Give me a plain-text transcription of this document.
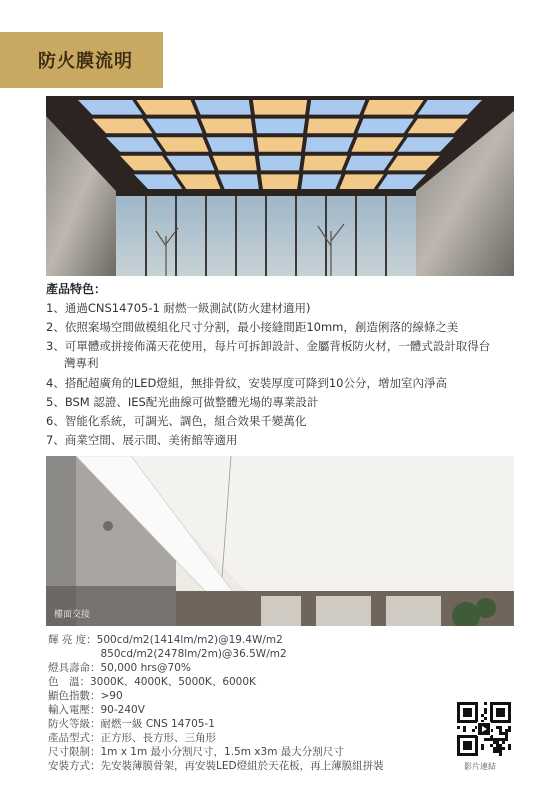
防火膜流明
產品特色：
1、通過CNS14705-1 耐燃一級測試(防火建材適用)
2、依照案場空間做模組化尺寸分割，最小接縫間距10mm，創造俐落的線條之美
3、可單體或拼接佈滿天花使用，每片可拆卸設計、金屬背板防火材，一體式設計取得台
灣專利
4、搭配超廣角的LED燈組，無排骨紋，安裝厚度可降到10公分，增加室內淨高
5、BSM 認證、IES配光曲線可做整體光場的專業設計
6、智能化系統，可調光、調色，組合效果千變萬化
7、商業空間、展示間、美術館等適用
樓面交接
輝 亮 度：500cd/m2(1414lm/m2)@19.4W/m2
　　　　　850cd/m2(2478lm/2m)@36.5W/m2
燈具壽命：50,000 hrs@70%
色　溫：3000K、4000K、5000K、6000K
顯色指數：>90
輸入電壓：90-240V
防火等級：耐燃一級 CNS 14705-1
產品型式：正方形、長方形、三角形
尺寸限制：1m x 1m 最小分割尺寸，1.5m x3m 最大分割尺寸
安裝方式：先安裝薄膜骨架，再安裝LED燈組於天花板，再上薄膜組拼裝	影片連結
